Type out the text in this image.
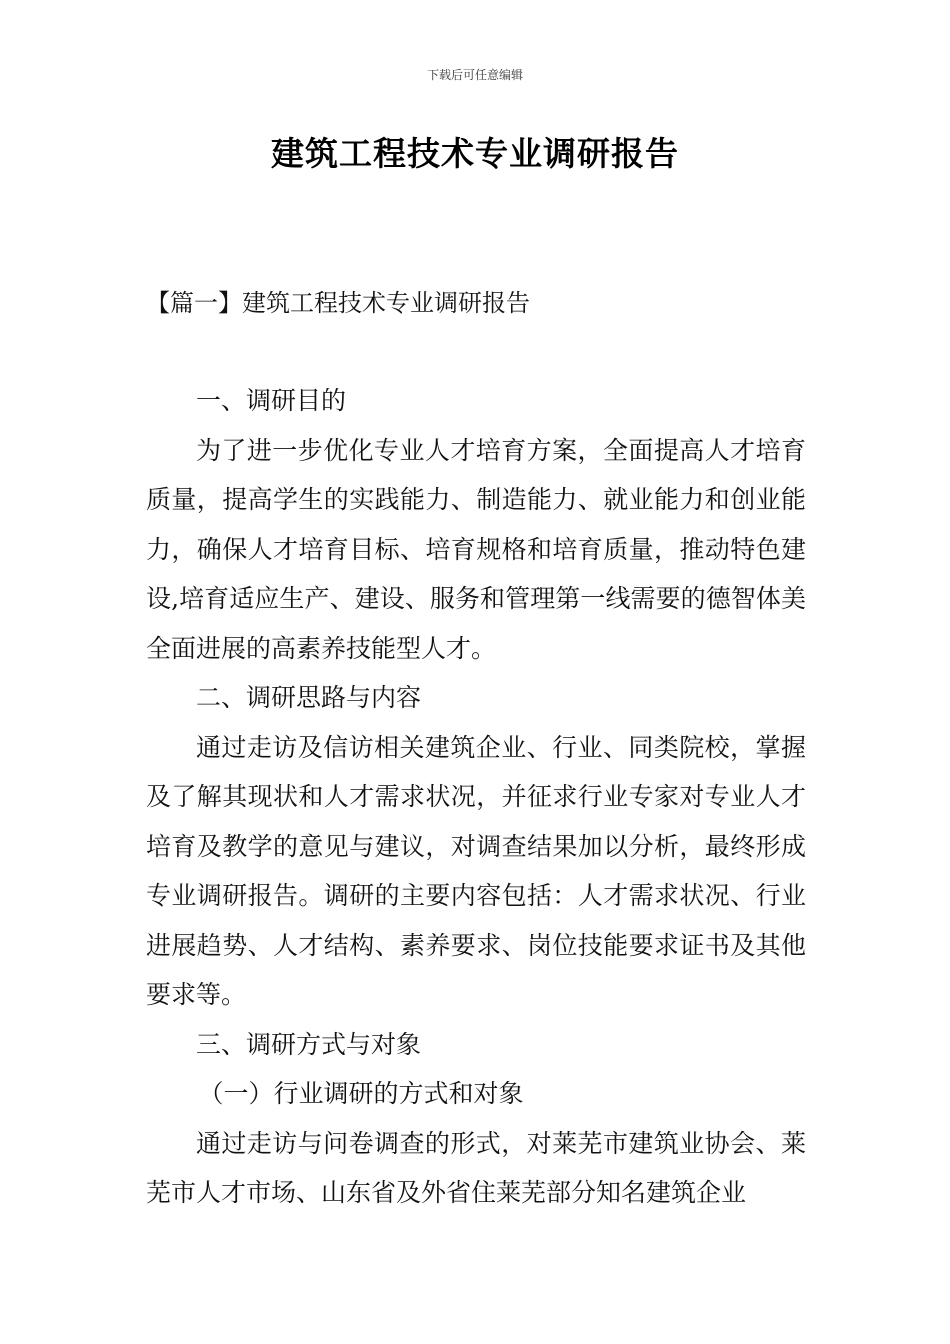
下载后可任意编辑
建筑工程技术专业调研报告
【篇一】建筑工程技术专业调研报告

一、调研目的

为了进一步优化专业人才培育方案，全面提高人才培育质量，提高学生的实践能力、制造能力、就业能力和创业能力，确保人才培育目标、培育规格和培育质量，推动特色建设,培育适应生产、建设、服务和管理第一线需要的德智体美全面进展的高素养技能型人才。

二、调研思路与内容

通过走访及信访相关建筑企业、行业、同类院校，掌握及了解其现状和人才需求状况，并征求行业专家对专业人才培育及教学的意见与建议，对调查结果加以分析，最终形成专业调研报告。调研的主要内容包括：人才需求状况、行业进展趋势、人才结构、素养要求、岗位技能要求证书及其他要求等。

三、调研方式与对象

（一）行业调研的方式和对象

通过走访与问卷调查的形式，对莱芜市建筑业协会、莱芜市人才市场、山东省及外省住莱芜部分知名建筑企业
